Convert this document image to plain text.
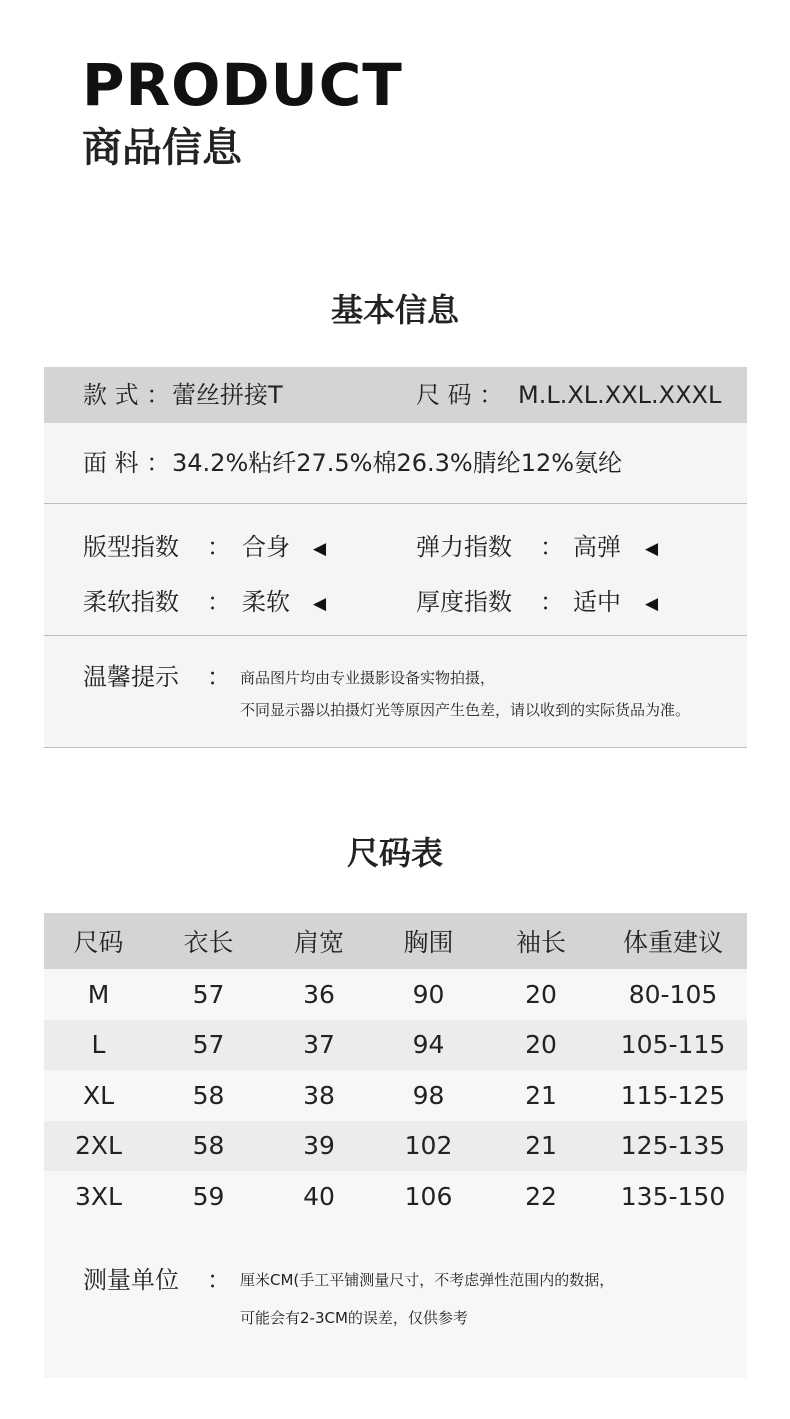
PRODUCT
商品信息
基本信息
款 式 ： 蕾丝拼接T	尺 码 ： M.L.XL.XXL.XXXL
面 料 ： 34.2%粘纤27.5%棉26.3%腈纶12%氨纶
版型指数 ： 合身 ◀	弹力指数 ： 高弹 ◀
柔软指数 ： 柔软 ◀	厚度指数 ： 适中 ◀
温馨提示 ： 商品图片均由专业摄影设备实物拍摄，
不同显示器以拍摄灯光等原因产生色差，请以收到的实际货品为准。
尺码表
尺码	衣长	肩宽	胸围	袖长	体重建议
M	57	36	90	20	80-105
L	57	37	94	20	105-115
XL	58	38	98	21	115-125
2XL	58	39	102	21	125-135
3XL	59	40	106	22	135-150
测量单位 ： 厘米CM(手工平铺测量尺寸，不考虑弹性范围内的数据，
可能会有2-3CM的误差，仅供参考
